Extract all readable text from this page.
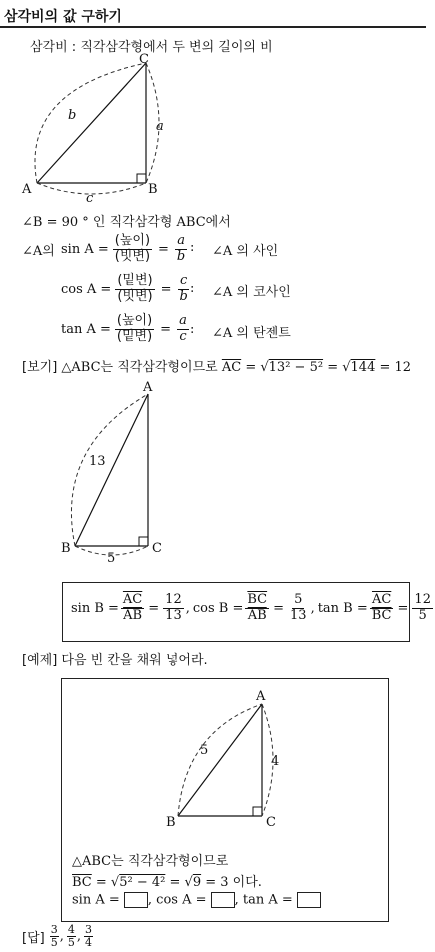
삼각비의 값 구하기
삼각비 : 직각삼각형에서 두 변의 길이의 비
C
A	B
b
a
c
∠B = 90 ° 인 직각삼각형 ABC에서
∠A의 $\sin A = \frac{\text{(높이)}}{\text{(빗변)}} = \frac{a}{b}$ : ∠A 의 사인
$\cos A = \frac{\text{(밑변)}}{\text{(빗변)}} = \frac{c}{b}$ : ∠A 의 코사인
$\tan A = \frac{\text{(높이)}}{\text{(밑변)}} = \frac{a}{c}$ : ∠A 의 탄젠트
[보기] △ABC는 직각삼각형이므로 $\overline{AC} = √13^2 - 5^2 = √144 = 12$
A
B	C
13
5
$\sin B = \frac{\overline{AC}}{AB} = \frac{12}{13}$ , $\cos B = \frac{\overline{BC}}{AB} = \frac{5}{13}$ , $\tan B = \frac{\overline{AC}}{BC} = \frac{12}{5}$
[예제] 다음 빈 칸을 채워 넣어라.
A
B	C
5
4
△ABC는 직각삼각형이므로
$\overline{BC} = √5^2 - 4^2 = √9 = 3$ 이다.
sin A = , cos A = , tan A =
[답] $\frac{3}{5}$ , $\frac{4}{5}$ , $\frac{3}{4}$
